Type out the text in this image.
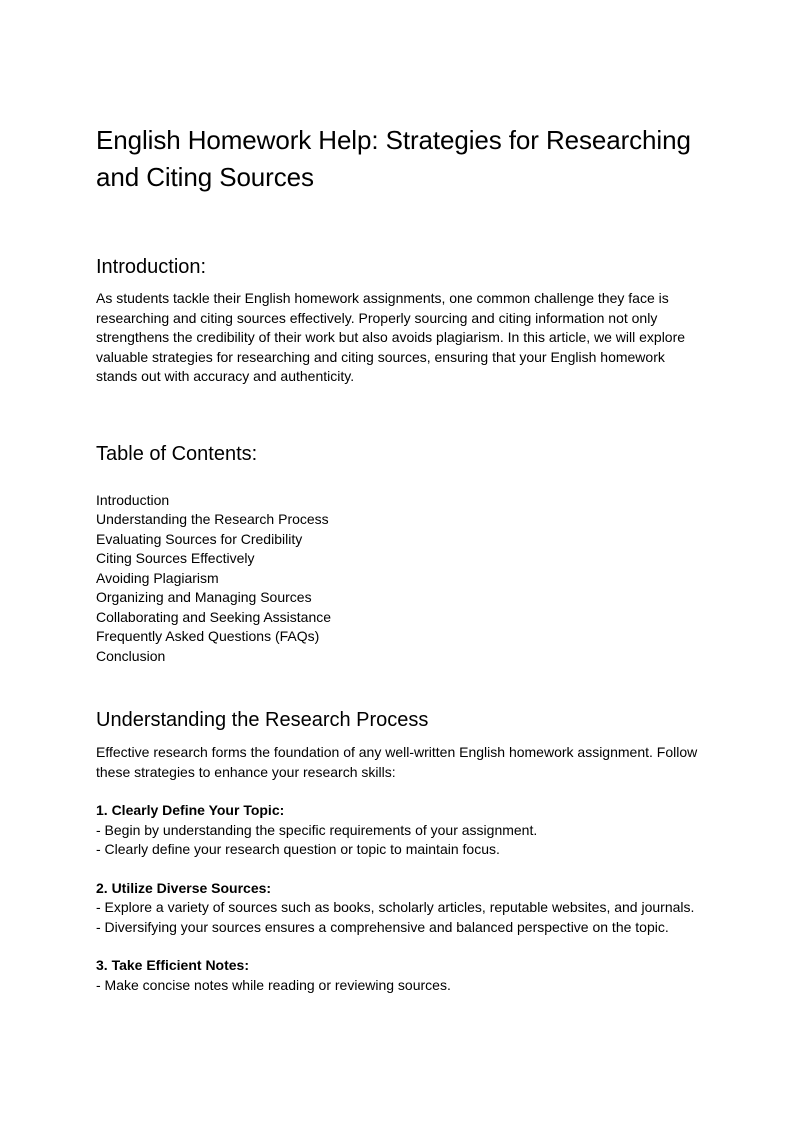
English Homework Help: Strategies for Researching and Citing Sources
Introduction:

As students tackle their English homework assignments, one common challenge they face is researching and citing sources effectively. Properly sourcing and citing information not only strengthens the credibility of their work but also avoids plagiarism. In this article, we will explore valuable strategies for researching and citing sources, ensuring that your English homework stands out with accuracy and authenticity.

Table of Contents:
Introduction
Understanding the Research Process
Evaluating Sources for Credibility
Citing Sources Effectively
Avoiding Plagiarism
Organizing and Managing Sources
Collaborating and Seeking Assistance
Frequently Asked Questions (FAQs)
Conclusion
Understanding the Research Process

Effective research forms the foundation of any well-written English homework assignment. Follow these strategies to enhance your research skills:

1. Clearly Define Your Topic:
- Begin by understanding the specific requirements of your assignment.
- Clearly define your research question or topic to maintain focus.
2. Utilize Diverse Sources:
- Explore a variety of sources such as books, scholarly articles, reputable websites, and journals.
- Diversifying your sources ensures a comprehensive and balanced perspective on the topic.
3. Take Efficient Notes:
- Make concise notes while reading or reviewing sources.
